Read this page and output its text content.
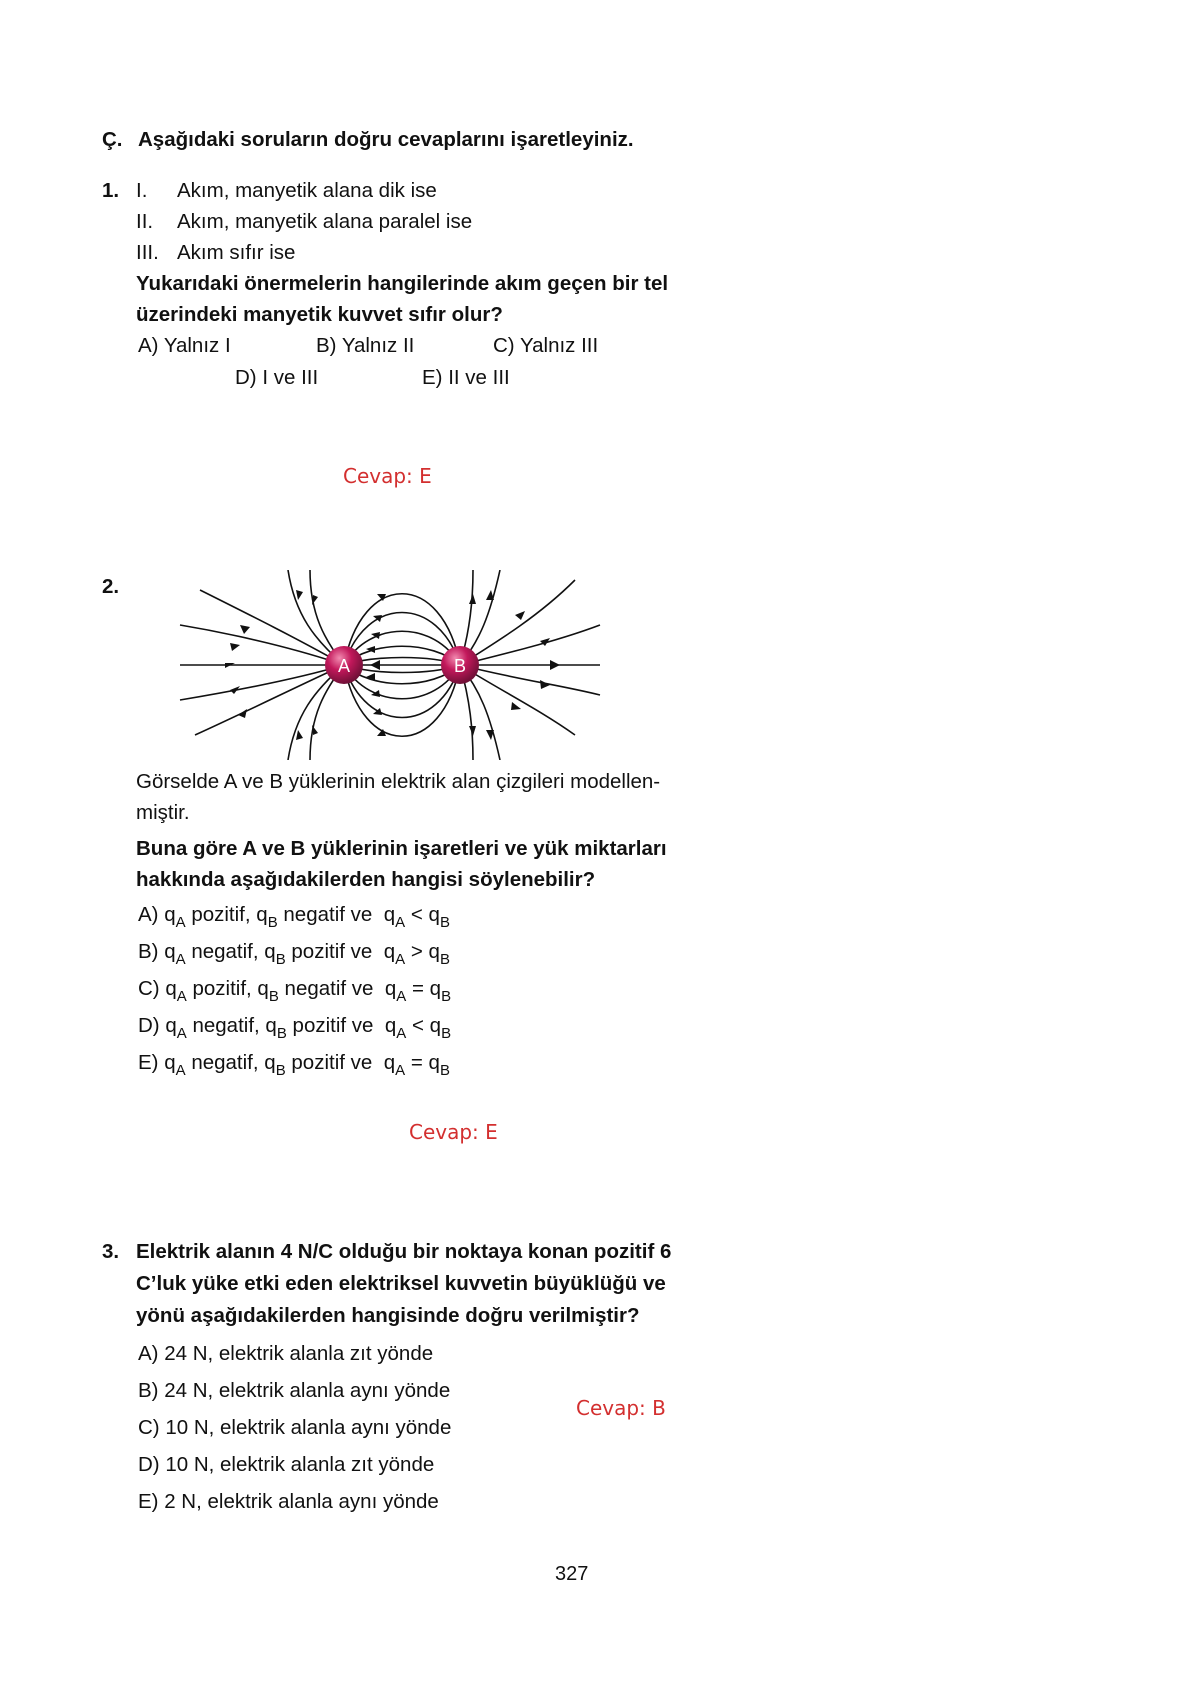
Ç. Aşağıdaki soruların doğru cevaplarını işaretleyiniz.
1. I. Akım, manyetik alana dik ise
II. Akım, manyetik alana paralel ise
III. Akım sıfır ise
Yukarıdaki önermelerin hangilerinde akım geçen bir tel
üzerindeki manyetik kuvvet sıfır olur?
A) Yalnız I	B) Yalnız II	C) Yalnız III
D) I ve III	E) II ve III
Cevap: E
2.
A	B
Görselde A ve B yüklerinin elektrik alan çizgileri modellen-
miştir.
Buna göre A ve B yüklerinin işaretleri ve yük miktarları
hakkında aşağıdakilerden hangisi söylenebilir?
A) $q_A$ pozitif, $q_B$ negatif ve $q_A < q_B$
B) $q_A$ negatif, $q_B$ pozitif ve $q_A > q_B$
C) $q_A$ pozitif, $q_B$ negatif ve $q_A = q_B$
D) $q_A$ negatif, $q_B$ pozitif ve $q_A < q_B$
E) $q_A$ negatif, $q_B$ pozitif ve $q_A = q_B$
Cevap: E
3. Elektrik alanın 4 N/C olduğu bir noktaya konan pozitif 6
C’luk yüke etki eden elektriksel kuvvetin büyüklüğü ve
yönü aşağıdakilerden hangisinde doğru verilmiştir?
A) 24 N, elektrik alanla zıt yönde
B) 24 N, elektrik alanla aynı yönde
C) 10 N, elektrik alanla aynı yönde
D) 10 N, elektrik alanla zıt yönde
E) 2 N, elektrik alanla aynı yönde
Cevap: B
327
